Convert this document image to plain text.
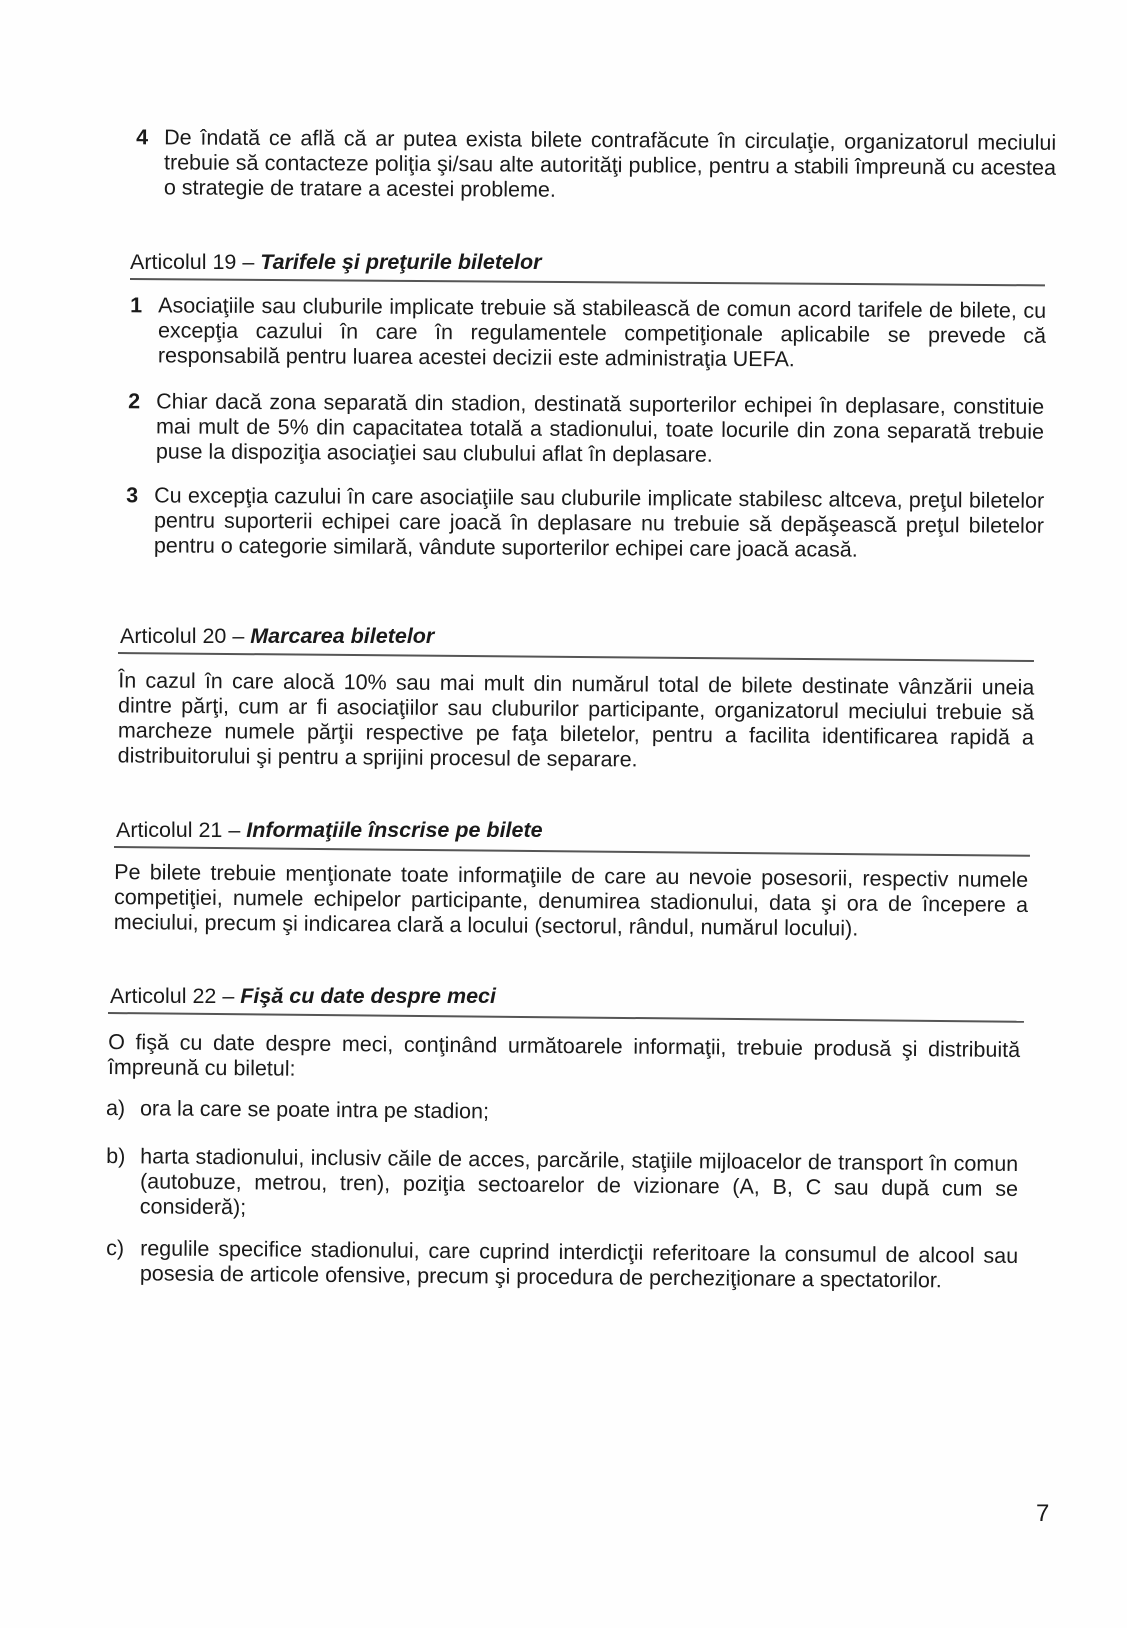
4 De îndată ce află că ar putea exista bilete contrafăcute în circulaţie, organizatorul meciului trebuie să contacteze poliţia şi/sau alte autorităţi publice, pentru a stabili împreună cu acestea o strategie de tratare a acestei probleme.
Articolul 19 – Tarifele şi preţurile biletelor
1 Asociaţiile sau cluburile implicate trebuie să stabilească de comun acord tarifele de bilete, cu excepţia cazului în care în regulamentele competiţionale aplicabile se prevede că responsabilă pentru luarea acestei decizii este administraţia UEFA.
2 Chiar dacă zona separată din stadion, destinată suporterilor echipei în deplasare, constituie mai mult de 5% din capacitatea totală a stadionului, toate locurile din zona separată trebuie puse la dispoziţia asociaţiei sau clubului aflat în deplasare.
3 Cu excepţia cazului în care asociaţiile sau cluburile implicate stabilesc altceva, preţul biletelor pentru suporterii echipei care joacă în deplasare nu trebuie să depăşească preţul biletelor pentru o categorie similară, vândute suporterilor echipei care joacă acasă.
Articolul 20 – Marcarea biletelor
În cazul în care alocă 10% sau mai mult din numărul total de bilete destinate vânzării uneia dintre părţi, cum ar fi asociaţiilor sau cluburilor participante, organizatorul meciului trebuie să marcheze numele părţii respective pe faţa biletelor, pentru a facilita identificarea rapidă a distribuitorului şi pentru a sprijini procesul de separare.
Articolul 21 – Informaţiile înscrise pe bilete
Pe bilete trebuie menţionate toate informaţiile de care au nevoie posesorii, respectiv numele competiţiei, numele echipelor participante, denumirea stadionului, data şi ora de începere a meciului, precum şi indicarea clară a locului (sectorul, rândul, numărul locului).
Articolul 22 – Fişă cu date despre meci
O fişă cu date despre meci, conţinând următoarele informaţii, trebuie produsă şi distribuită împreună cu biletul:
a) ora la care se poate intra pe stadion;
b) harta stadionului, inclusiv căile de acces, parcările, staţiile mijloacelor de transport în comun (autobuze, metrou, tren), poziţia sectoarelor de vizionare (A, B, C sau după cum se consideră);
c) regulile specifice stadionului, care cuprind interdicţii referitoare la consumul de alcool sau posesia de articole ofensive, precum şi procedura de percheziţionare a spectatorilor.
7
